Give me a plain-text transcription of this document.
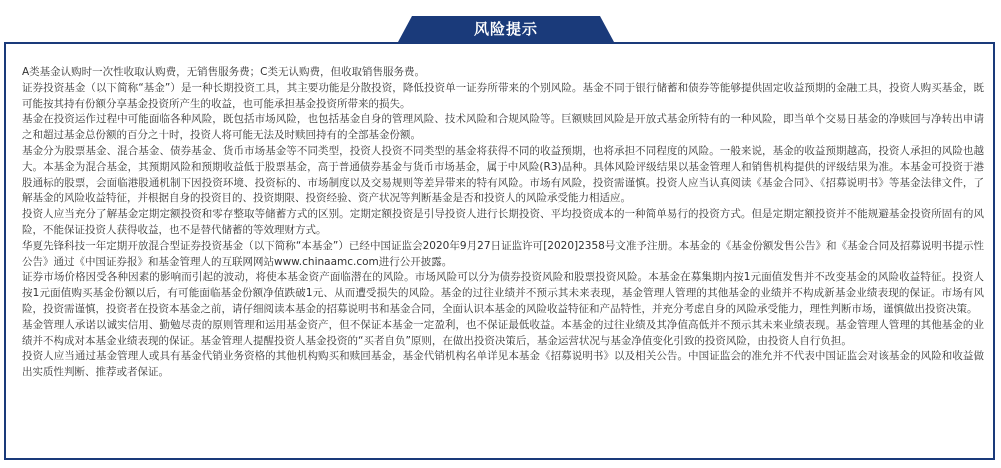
风险提示

A类基金认购时一次性收取认购费，无销售服务费；C类无认购费，但收取销售服务费。

证券投资基金（以下简称“基金”）是一种长期投资工具，其主要功能是分散投资，降低投资单一证券所带来的个别风险。基金不同于银行储蓄和债券等能够提供固定收益预期的金融工具，投资人购买基金，既可能按其持有份额分享基金投资所产生的收益，也可能承担基金投资所带来的损失。

基金在投资运作过程中可能面临各种风险，既包括市场风险，也包括基金自身的管理风险、技术风险和合规风险等。巨额赎回风险是开放式基金所特有的一种风险，即当单个交易日基金的净赎回与净转出申请之和超过基金总份额的百分之十时，投资人将可能无法及时赎回持有的全部基金份额。

基金分为股票基金、混合基金、债券基金、货币市场基金等不同类型，投资人投资不同类型的基金将获得不同的收益预期，也将承担不同程度的风险。一般来说，基金的收益预期越高，投资人承担的风险也越大。本基金为混合基金，其预期风险和预期收益低于股票基金，高于普通债券基金与货币市场基金，属于中风险(R3)品种。具体风险评级结果以基金管理人和销售机构提供的评级结果为准。本基金可投资于港股通标的股票，会面临港股通机制下因投资环境、投资标的、市场制度以及交易规则等差异带来的特有风险。市场有风险，投资需谨慎。投资人应当认真阅读《基金合同》、《招募说明书》等基金法律文件，了解基金的风险收益特征，并根据自身的投资目的、投资期限、投资经验、资产状况等判断基金是否和投资人的风险承受能力相适应。

投资人应当充分了解基金定期定额投资和零存整取等储蓄方式的区别。定期定额投资是引导投资人进行长期投资、平均投资成本的一种简单易行的投资方式。但是定期定额投资并不能规避基金投资所固有的风险，不能保证投资人获得收益，也不是替代储蓄的等效理财方式。

华夏先锋科技一年定期开放混合型证券投资基金（以下简称“本基金”）已经中国证监会2020年9月27日证监许可[2020]2358号文准予注册。本基金的《基金份额发售公告》和《基金合同及招募说明书提示性公告》通过《中国证券报》和基金管理人的互联网网站www.chinaamc.com进行公开披露。

证券市场价格因受各种因素的影响而引起的波动，将使本基金资产面临潜在的风险。市场风险可以分为债券投资风险和股票投资风险。本基金在募集期内按1元面值发售并不改变基金的风险收益特征。投资人按1元面值购买基金份额以后，有可能面临基金份额净值跌破1元、从而遭受损失的风险。基金的过往业绩并不预示其未来表现，基金管理人管理的其他基金的业绩并不构成新基金业绩表现的保证。市场有风险，投资需谨慎，投资者在投资本基金之前，请仔细阅读本基金的招募说明书和基金合同，全面认识本基金的风险收益特征和产品特性，并充分考虑自身的风险承受能力，理性判断市场，谨慎做出投资决策。

基金管理人承诺以诚实信用、勤勉尽责的原则管理和运用基金资产，但不保证本基金一定盈利，也不保证最低收益。本基金的过往业绩及其净值高低并不预示其未来业绩表现。基金管理人管理的其他基金的业绩并不构成对本基金业绩表现的保证。基金管理人提醒投资人基金投资的“买者自负”原则，在做出投资决策后，基金运营状况与基金净值变化引致的投资风险，由投资人自行负担。

投资人应当通过基金管理人或具有基金代销业务资格的其他机构购买和赎回基金，基金代销机构名单详见本基金《招募说明书》以及相关公告。中国证监会的准允并不代表中国证监会对该基金的风险和收益做出实质性判断、推荐或者保证。
